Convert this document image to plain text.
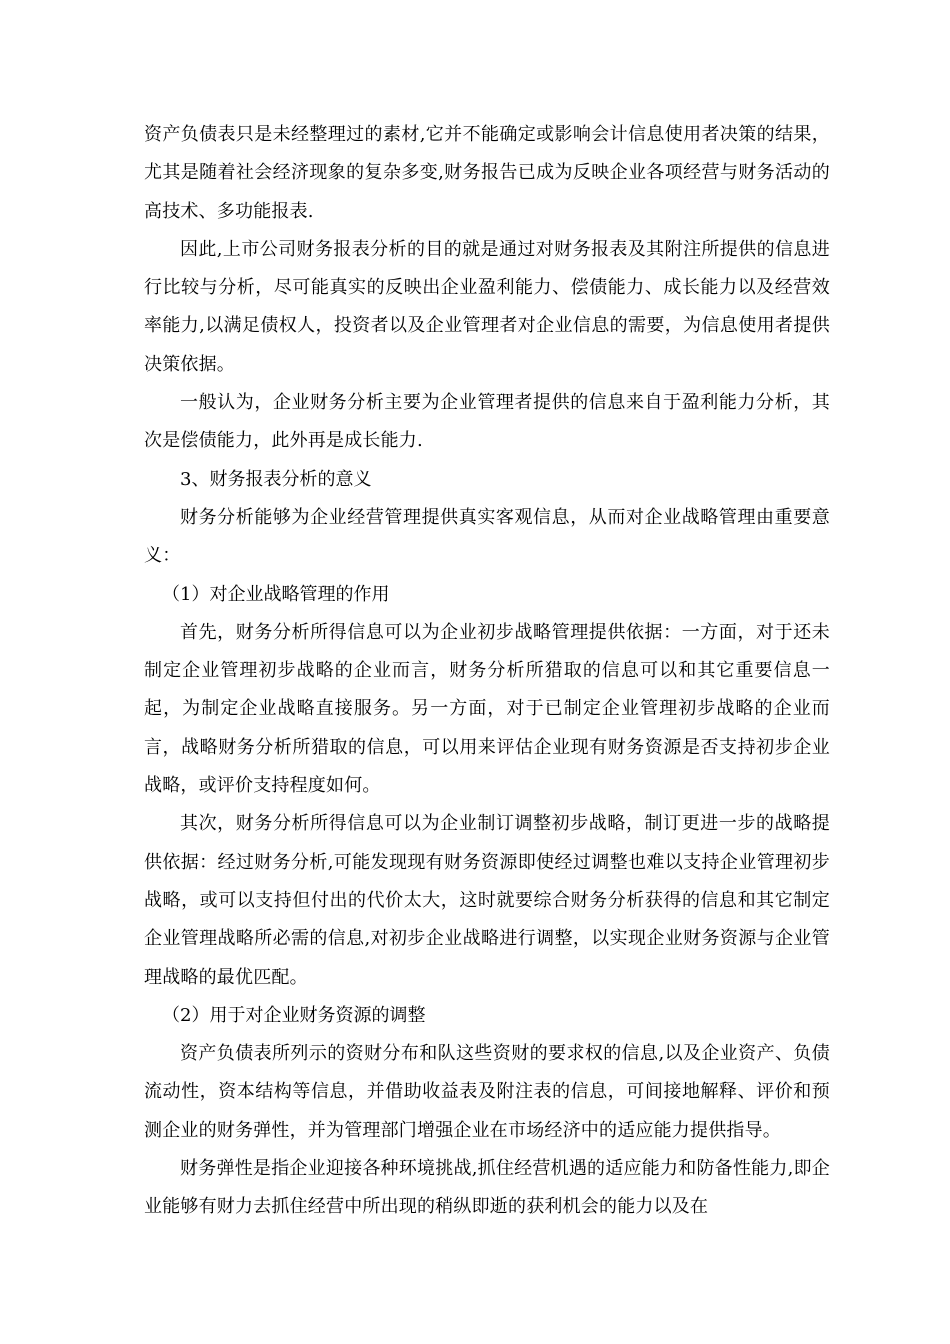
资产负债表只是未经整理过的素材,它并不能确定或影响会计信息使用者决策的结果，尤其是随着社会经济现象的复杂多变,财务报告已成为反映企业各项经营与财务活动的高技术、多功能报表.

因此,上市公司财务报表分析的目的就是通过对财务报表及其附注所提供的信息进行比较与分析，尽可能真实的反映出企业盈利能力、偿债能力、成长能力以及经营效率能力,以满足债权人，投资者以及企业管理者对企业信息的需要，为信息使用者提供决策依据。

一般认为，企业财务分析主要为企业管理者提供的信息来自于盈利能力分析，其次是偿债能力，此外再是成长能力.

3、财务报表分析的意义

财务分析能够为企业经营管理提供真实客观信息，从而对企业战略管理由重要意义：

（1）对企业战略管理的作用

首先，财务分析所得信息可以为企业初步战略管理提供依据：一方面，对于还未制定企业管理初步战略的企业而言，财务分析所猎取的信息可以和其它重要信息一起，为制定企业战略直接服务。另一方面，对于已制定企业管理初步战略的企业而言，战略财务分析所猎取的信息，可以用来评估企业现有财务资源是否支持初步企业战略，或评价支持程度如何。

其次，财务分析所得信息可以为企业制订调整初步战略，制订更进一步的战略提供依据：经过财务分析,可能发现现有财务资源即使经过调整也难以支持企业管理初步战略，或可以支持但付出的代价太大，这时就要综合财务分析获得的信息和其它制定企业管理战略所必需的信息,对初步企业战略进行调整，以实现企业财务资源与企业管理战略的最优匹配。

（2）用于对企业财务资源的调整

资产负债表所列示的资财分布和队这些资财的要求权的信息,以及企业资产、负债流动性，资本结构等信息，并借助收益表及附注表的信息，可间接地解释、评价和预测企业的财务弹性，并为管理部门增强企业在市场经济中的适应能力提供指导。

财务弹性是指企业迎接各种环境挑战,抓住经营机遇的适应能力和防备性能力,即企业能够有财力去抓住经营中所出现的稍纵即逝的获利机会的能力以及在
